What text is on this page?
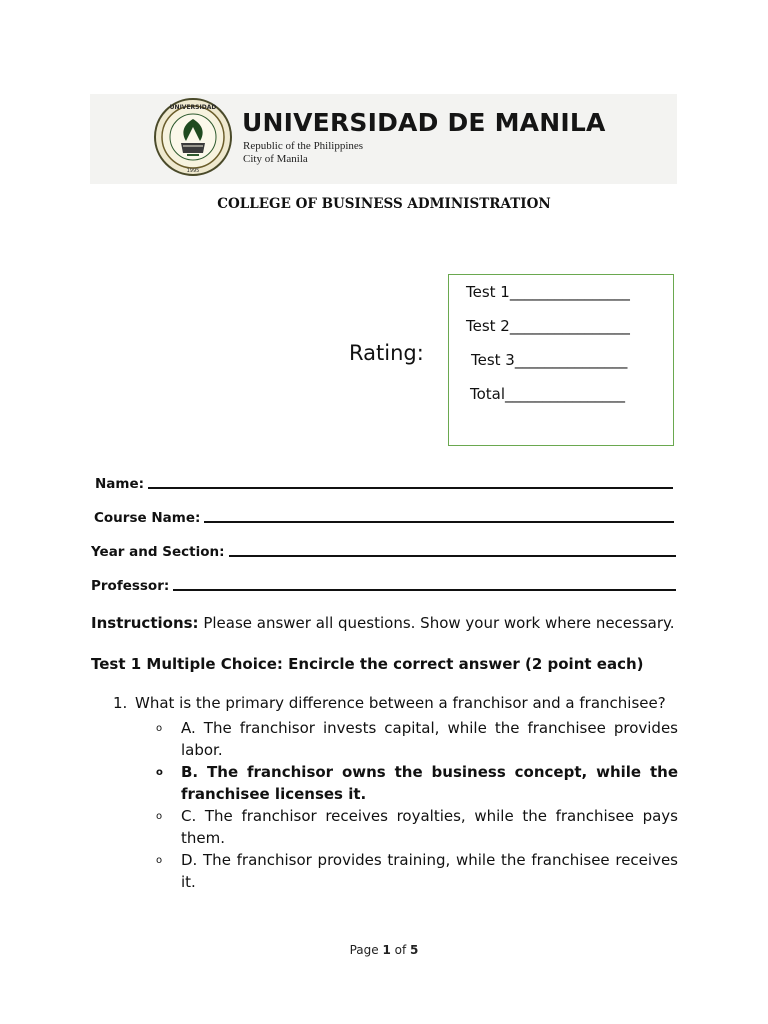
UNIVERSIDAD
1995
UNIVERSIDAD DE MANILA
Republic of the Philippines
City of Manila
COLLEGE OF BUSINESS ADMINISTRATION
Rating:
Test 1________________
Test 2________________
Test 3_______________
Total________________
Name:
Course Name:
Year and Section:
Professor:
Instructions: Please answer all questions. Show your work where necessary.
Test 1 Multiple Choice: Encircle the correct answer (2 point each)
1. What is the primary difference between a franchisor and a franchisee?
o A. The franchisor invests capital, while the franchisee provides labor.
o B. The franchisor owns the business concept, while the franchisee licenses it.
o C. The franchisor receives royalties, while the franchisee pays them.
o D. The franchisor provides training, while the franchisee receives it.
Page 1 of 5
